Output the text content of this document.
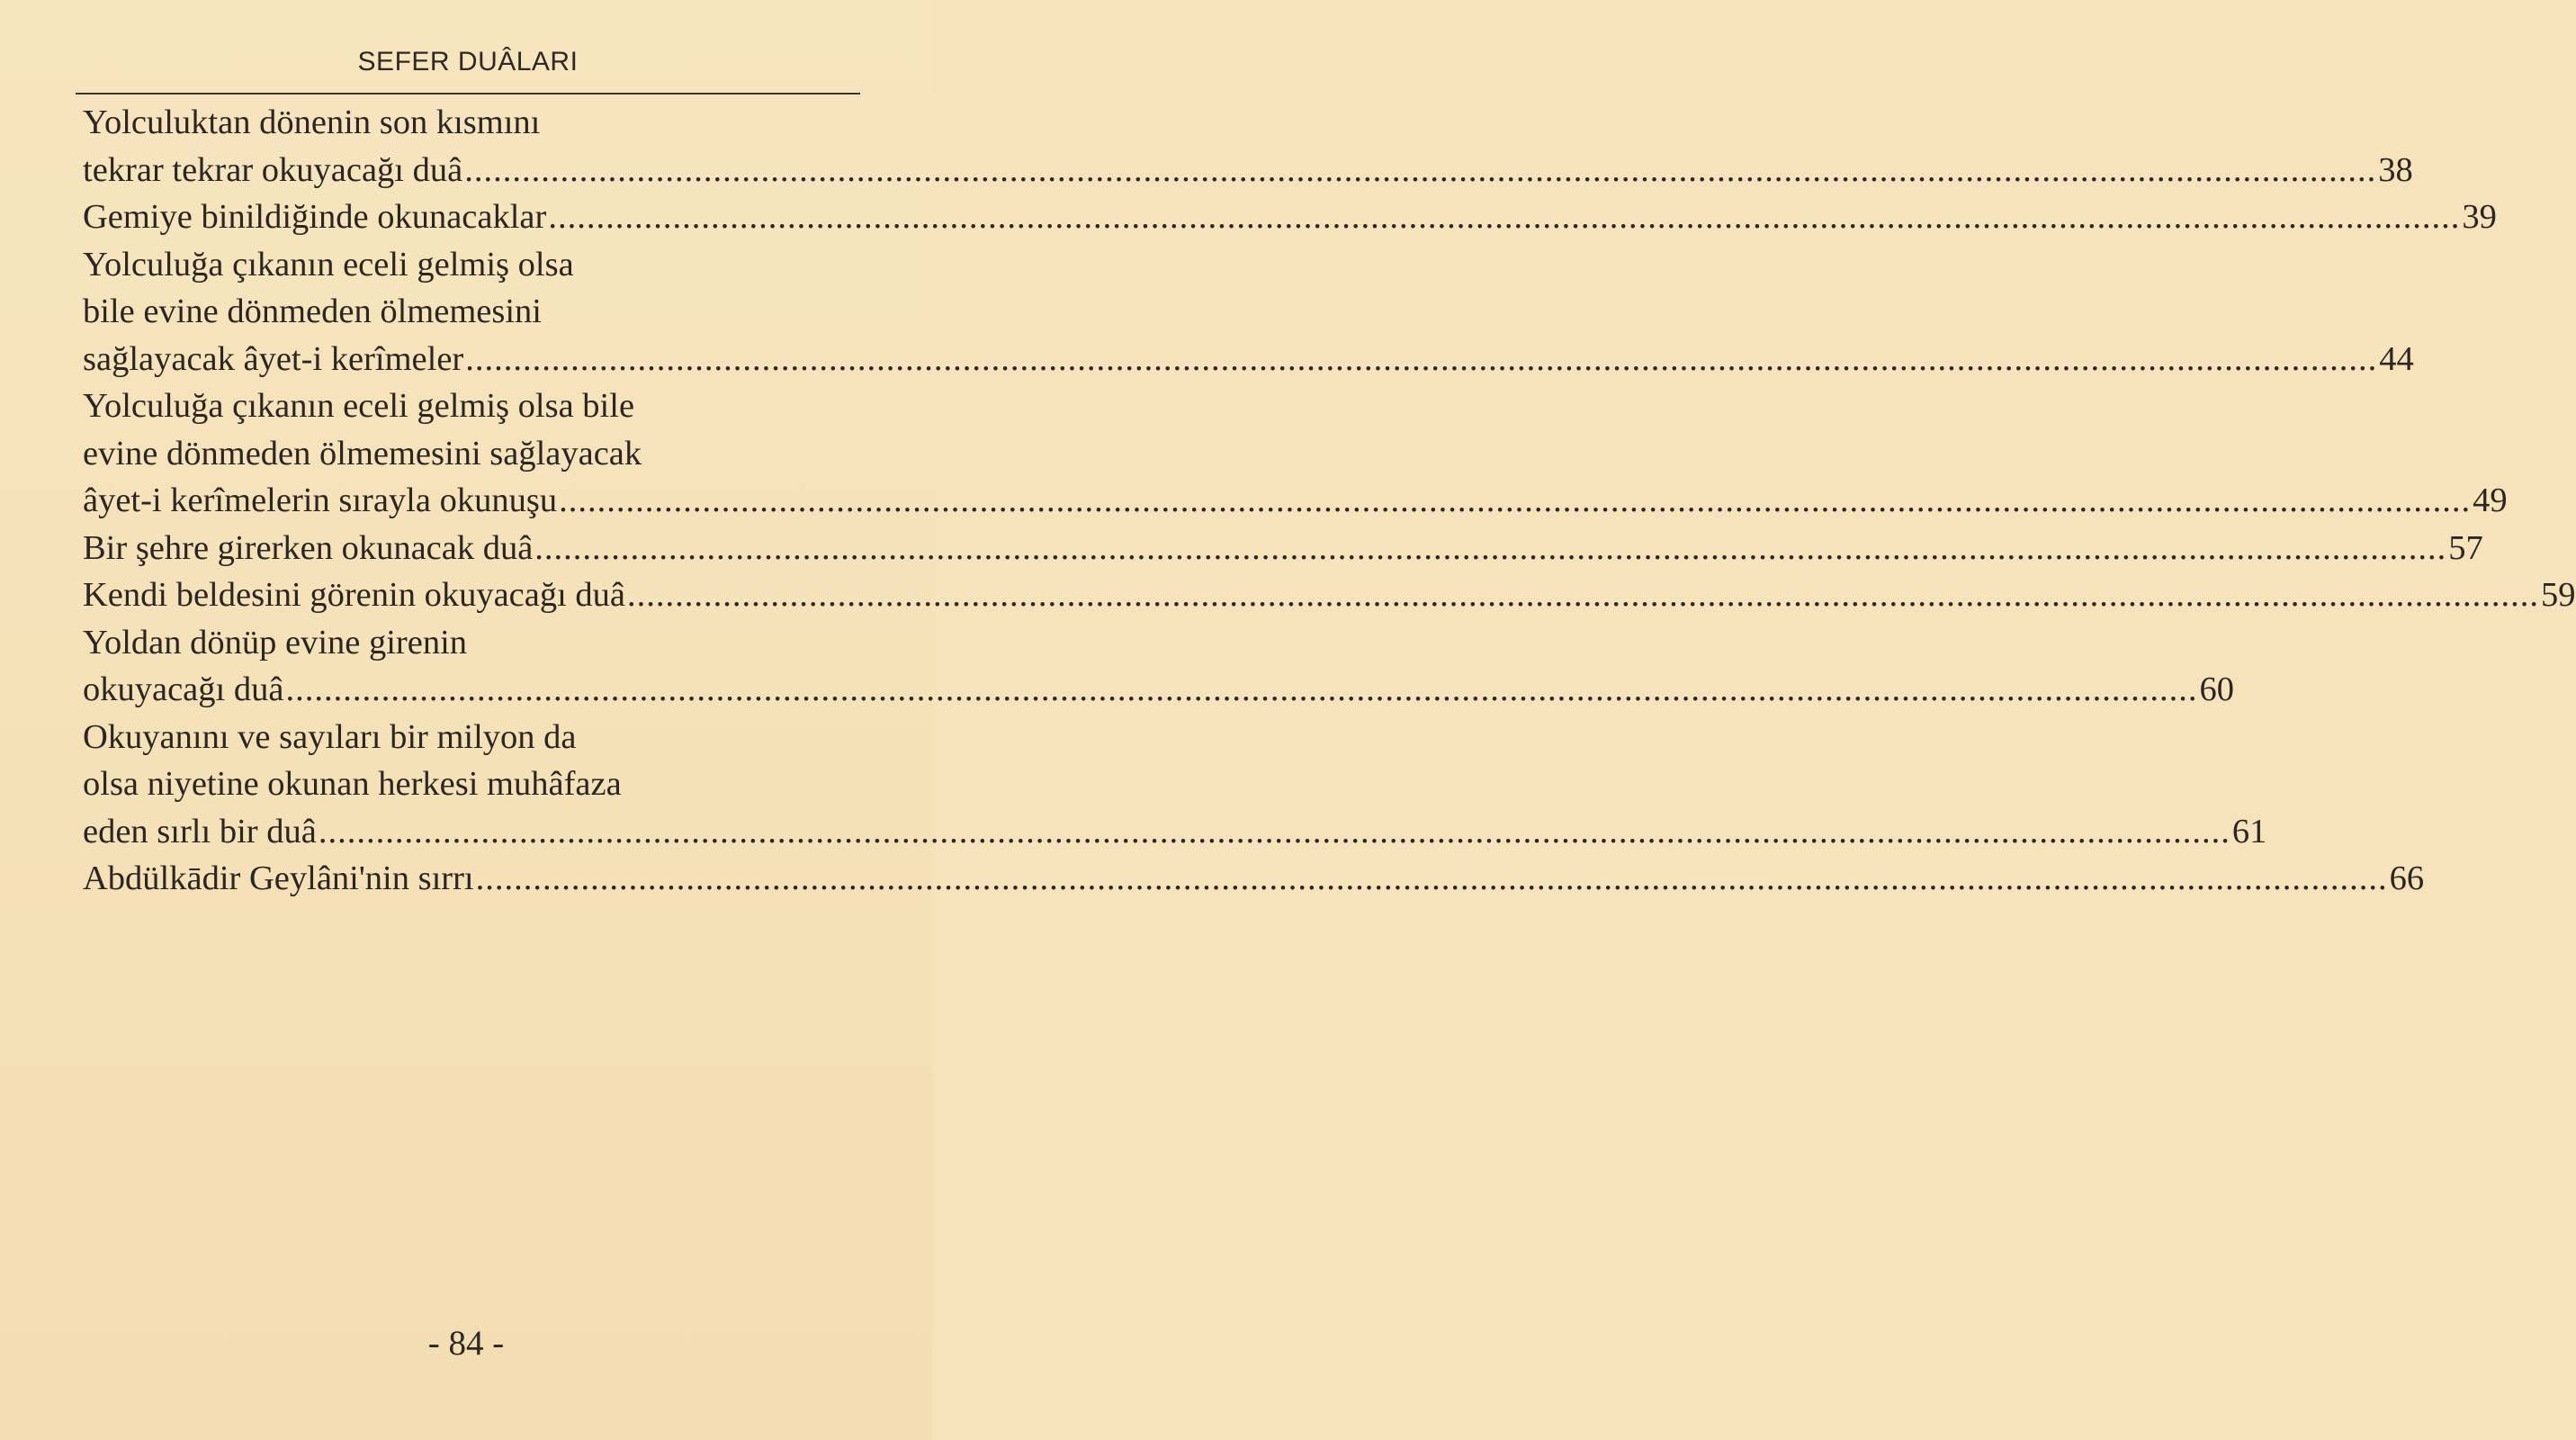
SEFER DUÂLARI
Yolculuktan dönenin son kısmını
tekrar tekrar okuyacağı duâ ........................................................................................................................................................................................................ 38
Gemiye binildiğinde okunacaklar ........................................................................................................................................................................................................ 39
Yolculuğa çıkanın eceli gelmiş olsa
bile evine dönmeden ölmemesini
sağlayacak âyet-i kerîmeler ........................................................................................................................................................................................................ 44
Yolculuğa çıkanın eceli gelmiş olsa bile
evine dönmeden ölmemesini sağlayacak
âyet-i kerîmelerin sırayla okunuşu ........................................................................................................................................................................................................ 49
Bir şehre girerken okunacak duâ ........................................................................................................................................................................................................ 57
Kendi beldesini görenin okuyacağı duâ ........................................................................................................................................................................................................ 59
Yoldan dönüp evine girenin
okuyacağı duâ ........................................................................................................................................................................................................ 60
Okuyanını ve sayıları bir milyon da
olsa niyetine okunan herkesi muhâfaza
eden sırlı bir duâ ........................................................................................................................................................................................................ 61
Abdülkādir Geylâni'nin sırrı ........................................................................................................................................................................................................ 66
- 84 -
